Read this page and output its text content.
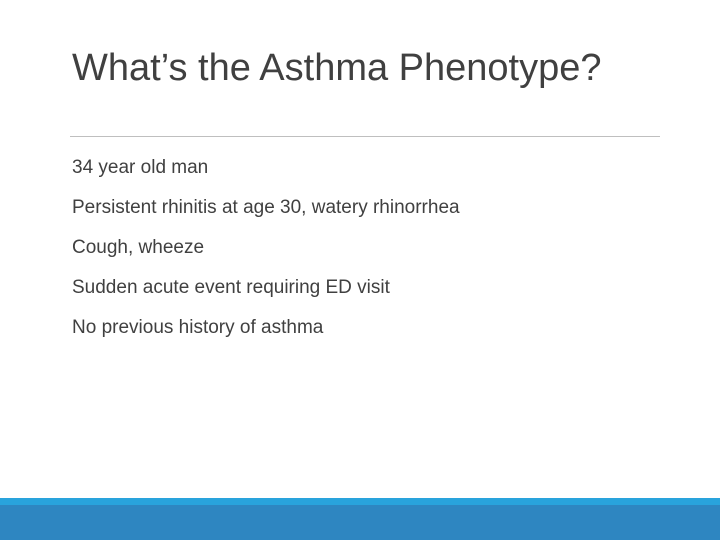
What’s the Asthma Phenotype?
34 year old man
Persistent rhinitis at age 30, watery rhinorrhea
Cough, wheeze
Sudden acute event requiring ED visit
No previous history of asthma
